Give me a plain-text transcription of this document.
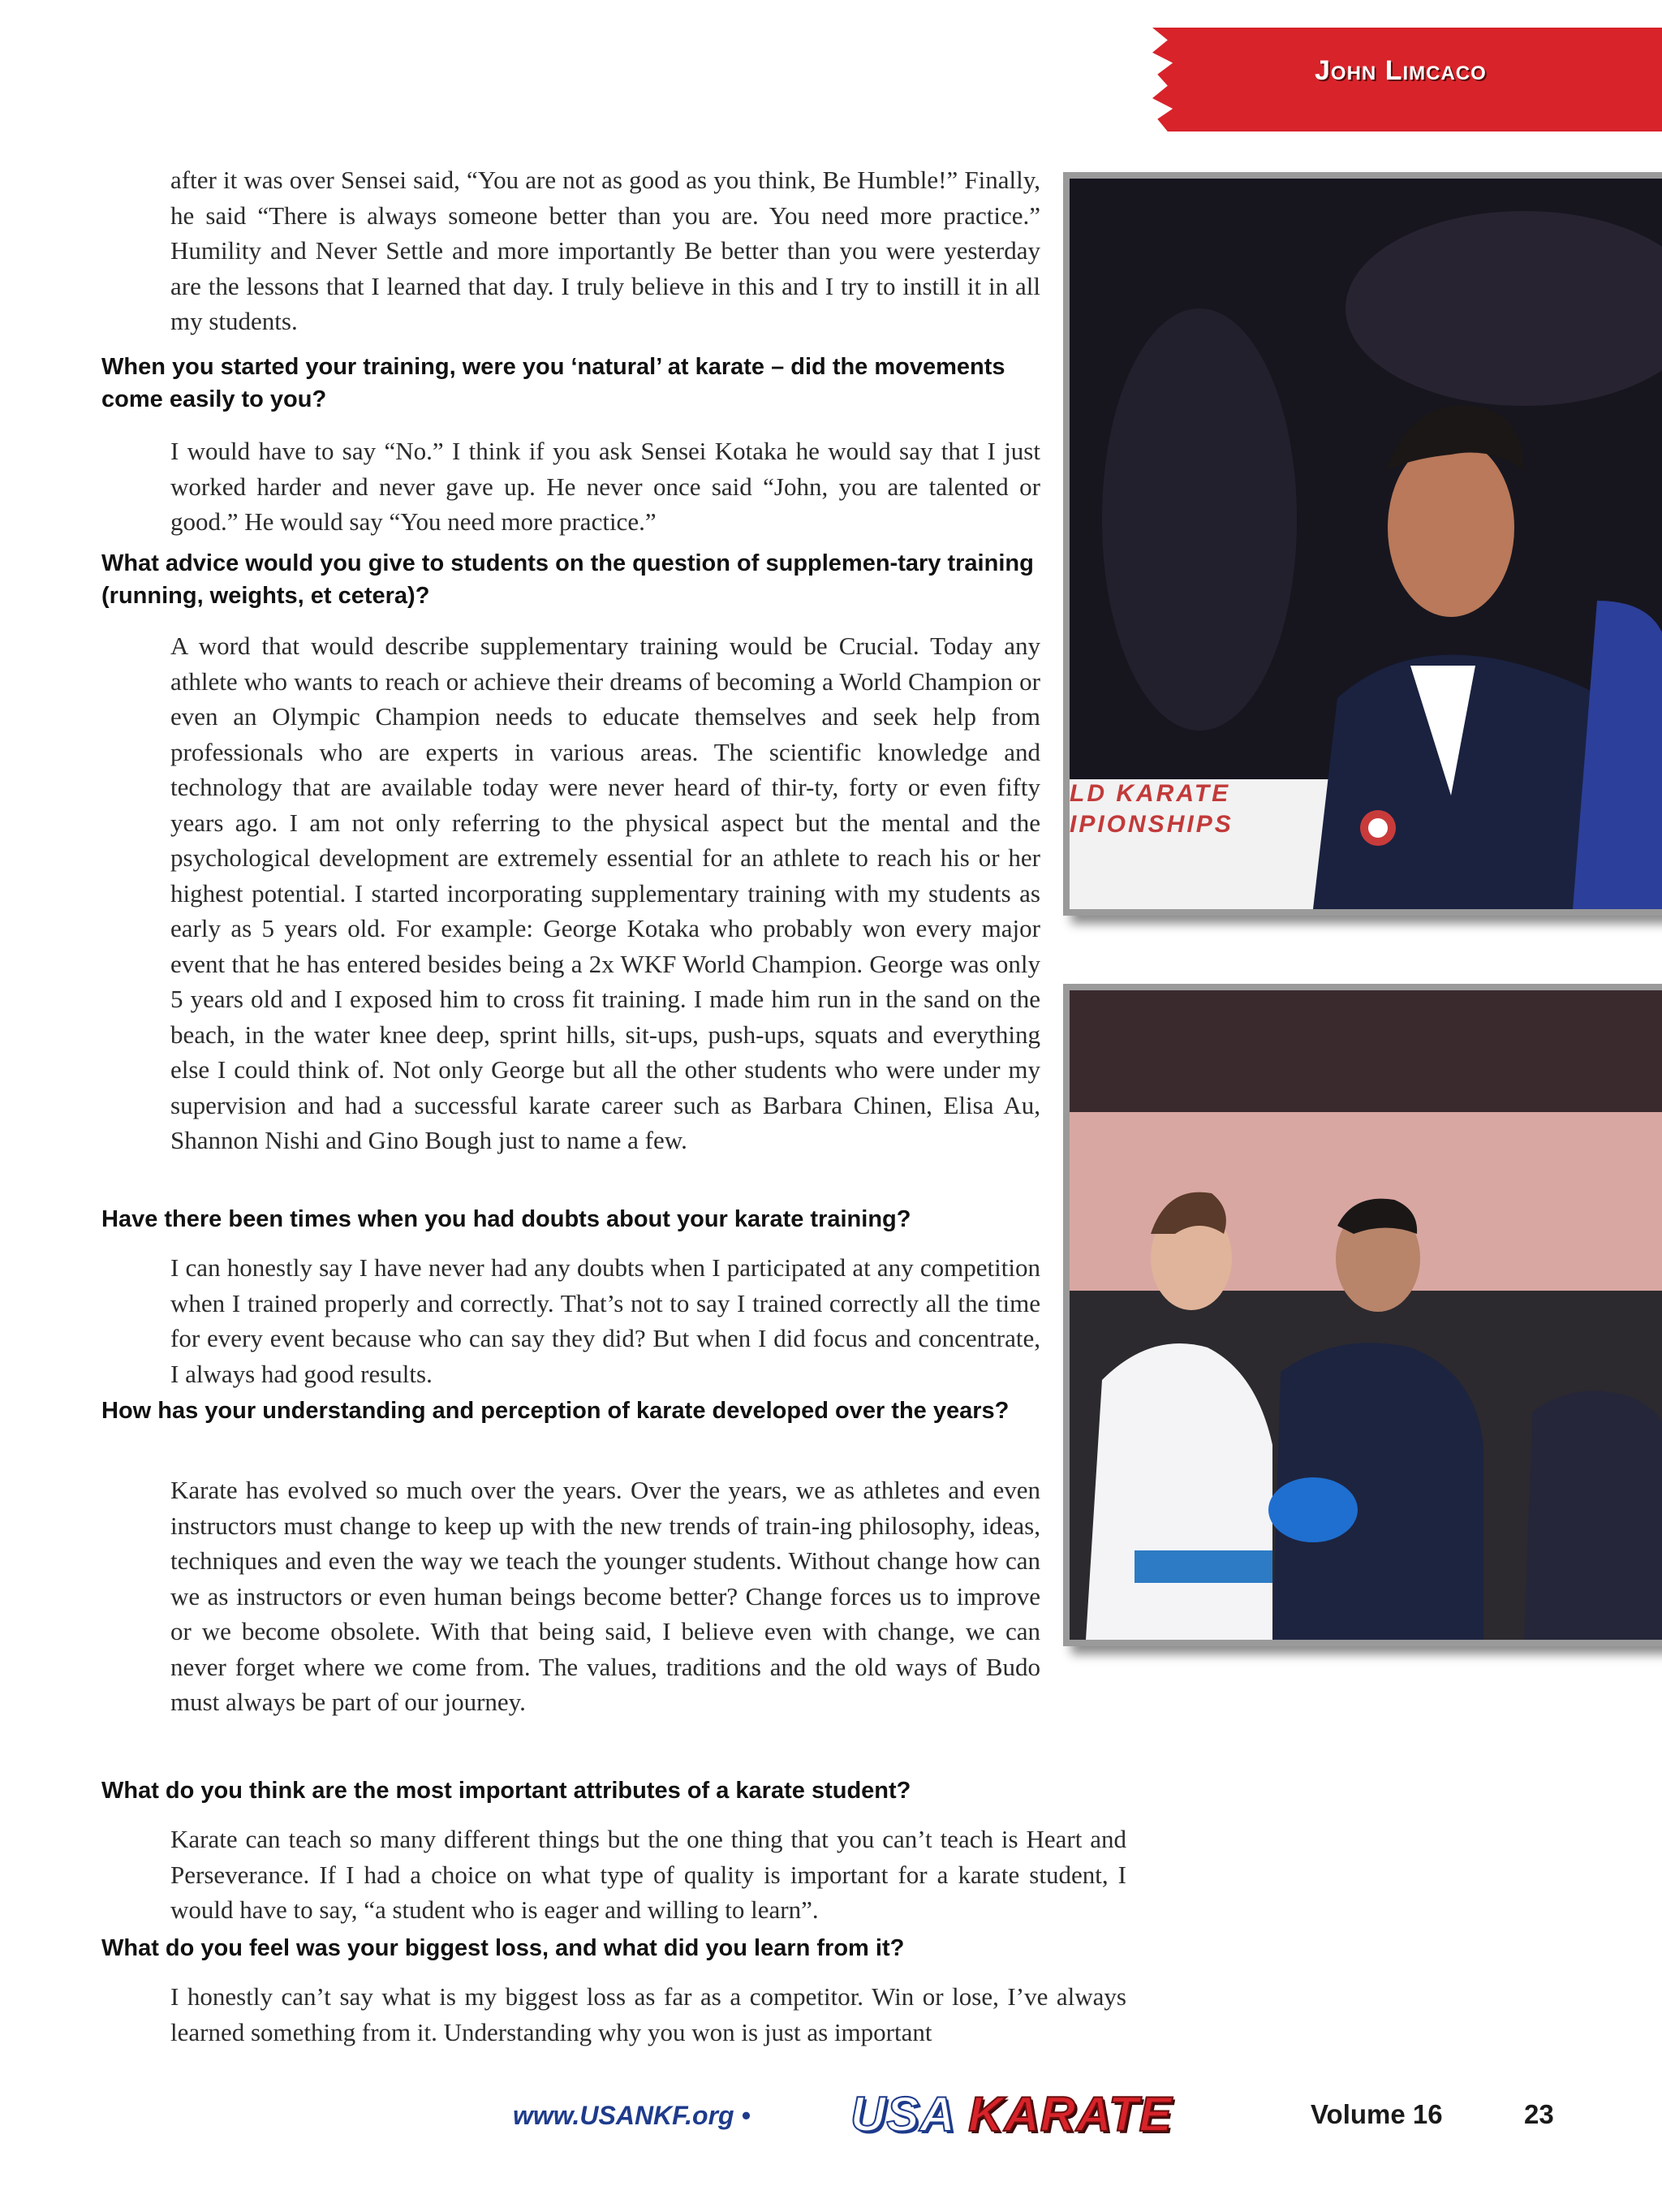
John Limcaco
after it was over Sensei said, “You are not as good as you think, Be Humble!” Finally, he said “There is always someone better than you are. You need more practice.” Humility and Never Settle and more importantly Be better than you were yesterday are the lessons that I learned that day. I truly believe in this and I try to instill it in all my students.
When you started your training, were you ‘natural’ at karate – did the movements come easily to you?
I would have to say “No.” I think if you ask Sensei Kotaka he would say that I just worked harder and never gave up. He never once said “John, you are talented or good.” He would say “You need more practice.”
What advice would you give to students on the question of supplemen-tary training (running, weights, et cetera)?
A word that would describe supplementary training would be Crucial. Today any athlete who wants to reach or achieve their dreams of becoming a World Champion or even an Olympic Champion needs to educate themselves and seek help from professionals who are experts in various areas. The scientific knowledge and technology that are available today were never heard of thir-ty, forty or even fifty years ago. I am not only referring to the physical aspect but the mental and the psychological development are extremely essential for an athlete to reach his or her highest potential. I started incorporating supplementary training with my students as early as 5 years old. For example: George Kotaka who probably won every major event that he has entered besides being a 2x WKF World Champion. George was only 5 years old and I exposed him to cross fit training. I made him run in the sand on the beach, in the water knee deep, sprint hills, sit-ups, push-ups, squats and everything else I could think of. Not only George but all the other students who were under my supervision and had a successful karate career such as Barbara Chinen, Elisa Au, Shannon Nishi and Gino Bough just to name a few.
Have there been times when you had doubts about your karate training?
I can honestly say I have never had any doubts when I participated at any competition when I trained properly and correctly. That’s not to say I trained correctly all the time for every event because who can say they did? But when I did focus and concentrate, I always had good results.
How has your understanding and perception of karate developed over the years?
Karate has evolved so much over the years. Over the years, we as athletes and even instructors must change to keep up with the new trends of train-ing philosophy, ideas, techniques and even the way we teach the younger students. Without change how can we as instructors or even human beings become better? Change forces us to improve or we become obsolete. With that being said, I believe even with change, we can never forget where we come from. The values, traditions and the old ways of Budo must always be part of our journey.
What do you think are the most important attributes of a karate student?
Karate can teach so many different things but the one thing that you can’t teach is Heart and Perseverance. If I had a choice on what type of quality is important for a karate student, I would have to say, “a student who is eager and willing to learn”.
What do you feel was your biggest loss, and what did you learn from it?
I honestly can’t say what is my biggest loss as far as a competitor. Win or lose, I’ve always learned something from it. Understanding why you won is just as important
LD KARATE
IPIONSHIPS
www.USANKF.org • USA KARATE	Volume 16	23
